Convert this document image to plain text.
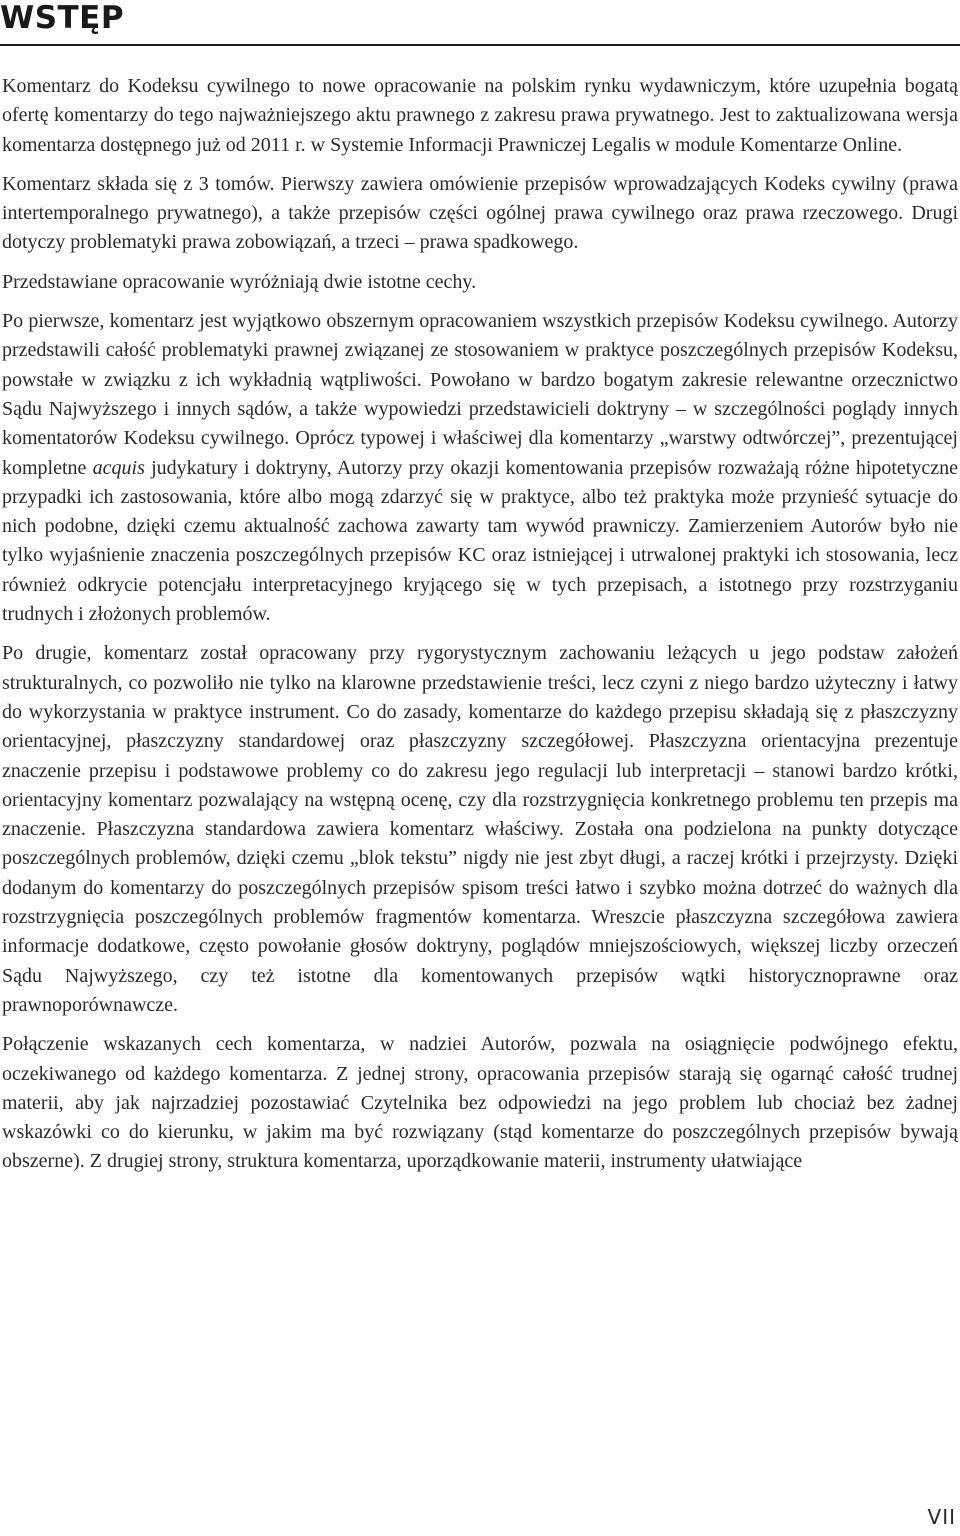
WSTĘP

Komentarz do Kodeksu cywilnego to nowe opracowanie na polskim rynku wydawniczym, które uzupełnia bogatą ofertę komentarzy do tego najważniejszego aktu prawnego z zakresu prawa prywatnego. Jest to zaktualizowana wersja komentarza dostępnego już od 2011 r. w Systemie Informacji Prawniczej Legalis w module Komentarze Online.

Komentarz składa się z 3 tomów. Pierwszy zawiera omówienie przepisów wprowadzających Kodeks cywilny (prawa intertemporalnego prywatnego), a także przepisów części ogólnej prawa cywilnego oraz prawa rzeczowego. Drugi dotyczy problematyki prawa zobowiązań, a trzeci – prawa spadkowego.

Przedstawiane opracowanie wyróżniają dwie istotne cechy.

Po pierwsze, komentarz jest wyjątkowo obszernym opracowaniem wszystkich przepisów Kodeksu cywilnego. Autorzy przedstawili całość problematyki prawnej związanej ze stosowaniem w praktyce poszczególnych przepisów Kodeksu, powstałe w związku z ich wykładnią wątpliwości. Powołano w bardzo bogatym zakresie relewantne orzecznictwo Sądu Najwyższego i innych sądów, a także wypowiedzi przedstawicieli doktryny – w szczególności poglądy innych komentatorów Kodeksu cywilnego. Oprócz typowej i właściwej dla komentarzy „warstwy odtwórczej”, prezentującej kompletne acquis judykatury i doktryny, Autorzy przy okazji komentowania przepisów rozważają różne hipotetyczne przypadki ich zastosowania, które albo mogą zdarzyć się w praktyce, albo też praktyka może przynieść sytuacje do nich podobne, dzięki czemu aktualność zachowa zawarty tam wywód prawniczy. Zamierzeniem Autorów było nie tylko wyjaśnienie znaczenia poszczególnych przepisów KC oraz istniejącej i utrwalonej praktyki ich stosowania, lecz również odkrycie potencjału interpretacyjnego kryjącego się w tych przepisach, a istotnego przy rozstrzyganiu trudnych i złożonych problemów.

Po drugie, komentarz został opracowany przy rygorystycznym zachowaniu leżących u jego podstaw założeń strukturalnych, co pozwoliło nie tylko na klarowne przedstawienie treści, lecz czyni z niego bardzo użyteczny i łatwy do wykorzystania w praktyce instrument. Co do zasady, komentarze do każdego przepisu składają się z płaszczyzny orientacyjnej, płaszczyzny standardowej oraz płaszczyzny szczegółowej. Płaszczyzna orientacyjna prezentuje znaczenie przepisu i podstawowe problemy co do zakresu jego regulacji lub interpretacji – stanowi bardzo krótki, orientacyjny komentarz pozwalający na wstępną ocenę, czy dla rozstrzygnięcia konkretnego problemu ten przepis ma znaczenie. Płaszczyzna standardowa zawiera komentarz właściwy. Została ona podzielona na punkty dotyczące poszczególnych problemów, dzięki czemu „blok tekstu” nigdy nie jest zbyt długi, a raczej krótki i przejrzysty. Dzięki dodanym do komentarzy do poszczególnych przepisów spisom treści łatwo i szybko można dotrzeć do ważnych dla rozstrzygnięcia poszczególnych problemów fragmentów komentarza. Wreszcie płaszczyzna szczegółowa zawiera informacje dodatkowe, często powołanie głosów doktryny, poglądów mniejszościowych, większej liczby orzeczeń Sądu Najwyższego, czy też istotne dla komentowanych przepisów wątki historycznoprawne oraz prawnoporównawcze.

Połączenie wskazanych cech komentarza, w nadziei Autorów, pozwala na osiągnięcie podwójnego efektu, oczekiwanego od każdego komentarza. Z jednej strony, opracowania przepisów starają się ogarnąć całość trudnej materii, aby jak najrzadziej pozostawiać Czytelnika bez odpowiedzi na jego problem lub chociaż bez żadnej wskazówki co do kierunku, w jakim ma być rozwiązany (stąd komentarze do poszczególnych przepisów bywają obszerne). Z drugiej strony, struktura komentarza, uporządkowanie materii, instrumenty ułatwiające

VII
